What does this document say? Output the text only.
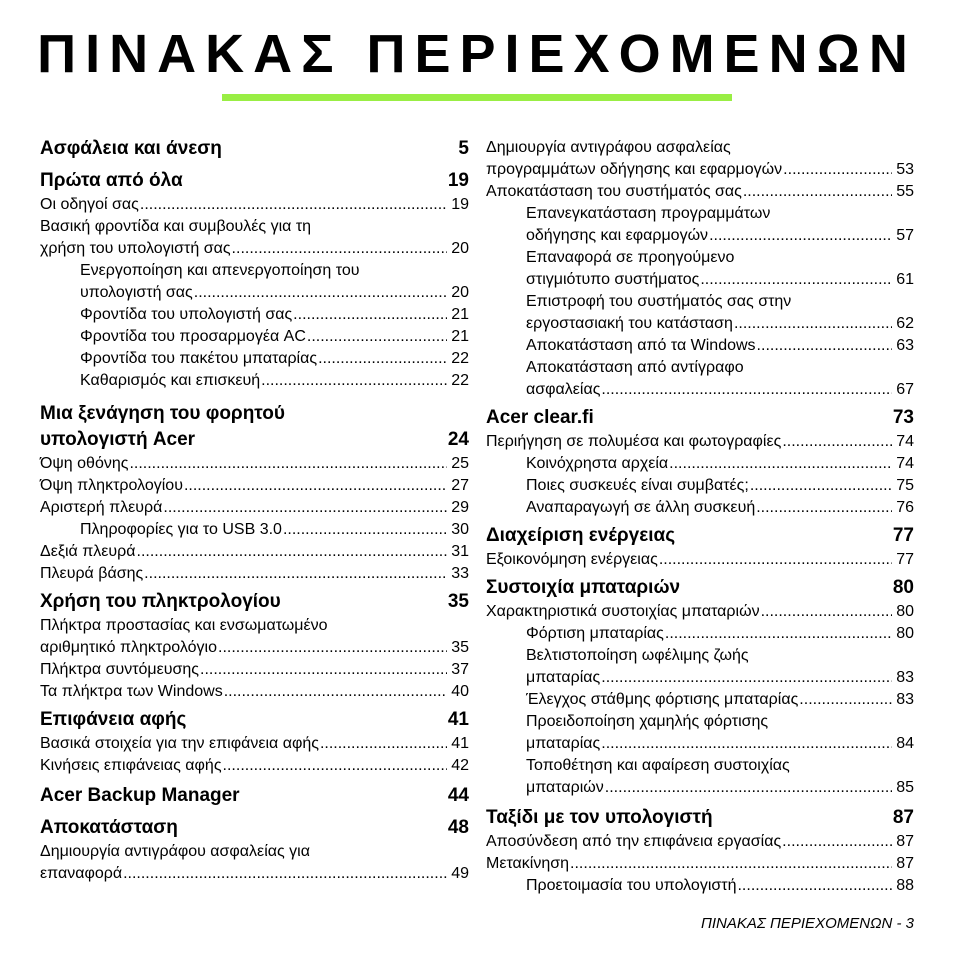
ΠΙΝΑΚΑΣ ΠΕΡΙΕΧΟΜΕΝΩΝ
Ασφάλεια και άνεση	5
Πρώτα από όλα	19
Οι οδηγοί σας .....	19
Βασική φροντίδα και συμβουλές για τη
χρήση του υπολογιστή σας .....	20
Ενεργοποίηση και απενεργοποίηση του
υπολογιστή σας .....	20
Φροντίδα του υπολογιστή σας .....	21
Φροντίδα του προσαρμογέα AC .....	21
Φροντίδα του πακέτου μπαταρίας .....	22
Καθαρισμός και επισκευή .....	22
Μια ξενάγηση του φορητού
υπολογιστή Acer	24
Όψη οθόνης .....	25
Όψη πληκτρολογίου .....	27
Αριστερή πλευρά .....	29
Πληροφορίες για το USB 3.0 .....	30
Δεξιά πλευρά .....	31
Πλευρά βάσης .....	33
Χρήση του πληκτρολογίου	35
Πλήκτρα προστασίας και ενσωματωμένο
αριθμητικό πληκτρολόγιο .....	35
Πλήκτρα συντόμευσης .....	37
Τα πλήκτρα των Windows .....	40
Επιφάνεια αφής	41
Βασικά στοιχεία για την επιφάνεια αφής .....	41
Κινήσεις επιφάνειας αφής .....	42
Acer Backup Manager	44
Αποκατάσταση	48
Δημιουργία αντιγράφου ασφαλείας για
επαναφορά .....	49
Δημιουργία αντιγράφου ασφαλείας
προγραμμάτων οδήγησης και εφαρμογών .....	53
Αποκατάσταση του συστήματός σας .....	55
Επανεγκατάσταση προγραμμάτων
οδήγησης και εφαρμογών .....	57
Επαναφορά σε προηγούμενο
στιγμιότυπο συστήματος .....	61
Επιστροφή του συστήματός σας στην
εργοστασιακή του κατάσταση .....	62
Αποκατάσταση από τα Windows .....	63
Αποκατάσταση από αντίγραφο
ασφαλείας .....	67
Acer clear.fi	73
Περιήγηση σε πολυμέσα και φωτογραφίες .....	74
Κοινόχρηστα αρχεία .....	74
Ποιες συσκευές είναι συμβατές; .....	75
Αναπαραγωγή σε άλλη συσκευή .....	76
Διαχείριση ενέργειας	77
Εξοικονόμηση ενέργειας .....	77
Συστοιχία μπαταριών	80
Χαρακτηριστικά συστοιχίας μπαταριών .....	80
Φόρτιση μπαταρίας .....	80
Βελτιστοποίηση ωφέλιμης ζωής
μπαταρίας .....	83
Έλεγχος στάθμης φόρτισης μπαταρίας .....	83
Προειδοποίηση χαμηλής φόρτισης
μπαταρίας .....	84
Τοποθέτηση και αφαίρεση συστοιχίας
μπαταριών .....	85
Ταξίδι με τον υπολογιστή	87
Αποσύνδεση από την επιφάνεια εργασίας .....	87
Μετακίνηση .....	87
Προετοιμασία του υπολογιστή .....	88
ΠΙΝΑΚΑΣ ΠΕΡΙΕΧΟΜΕΝΩΝ - 3
